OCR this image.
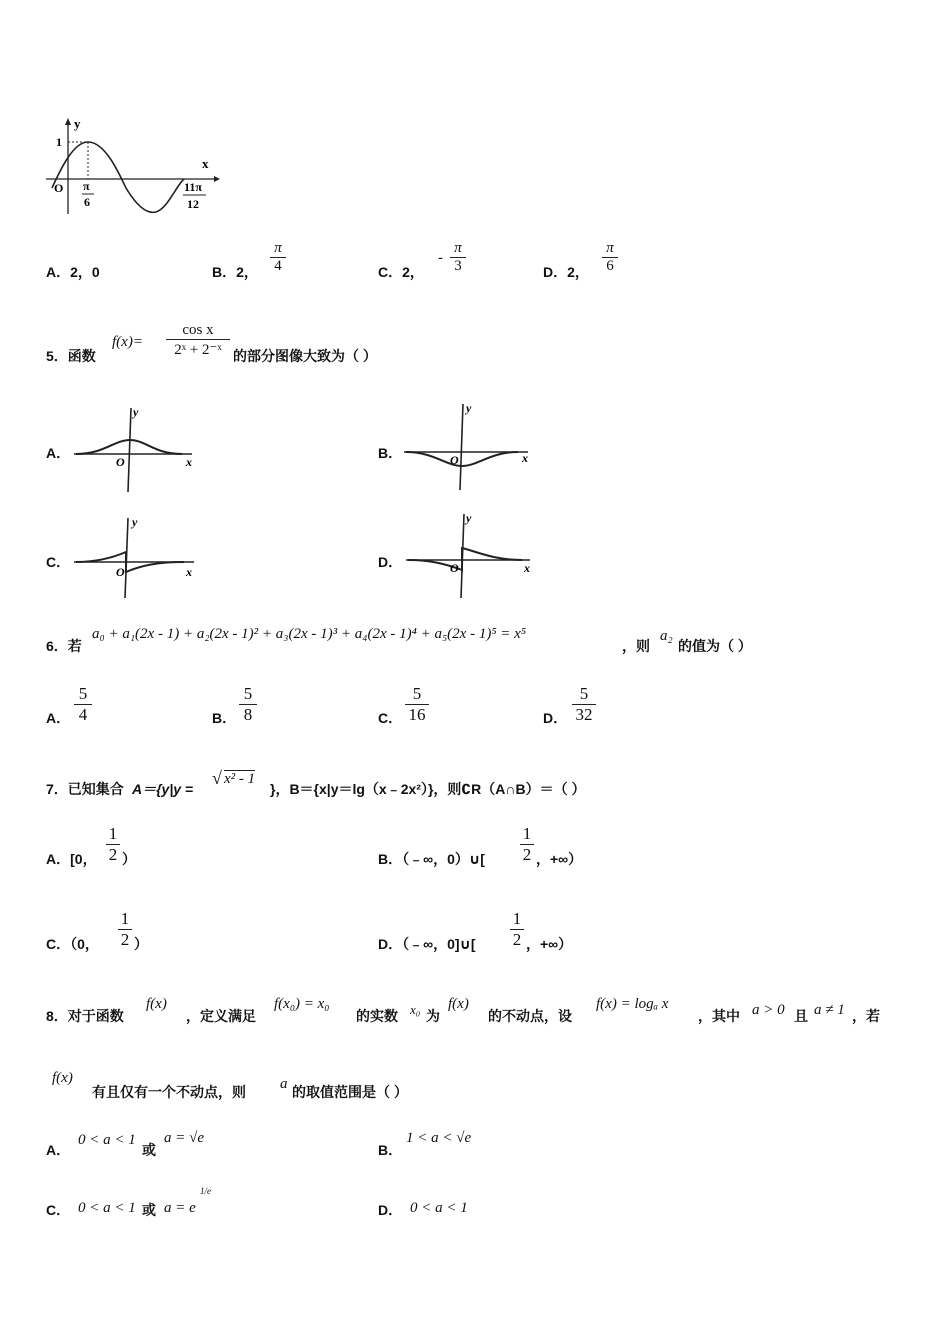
y
x
1
O π
6
11π
12
A．2，0	B．2， $\frac{\pi}{4}$	C．2，
- $\frac{\pi}{3}$	D．2， $\frac{\pi}{6}$
5．函数
$f(x)= \frac{\text{cos x}}{\text{2ˣ + 2⁻ˣ}}$ 的部分图像大致为（ ）
A．
y
x
O
B．
y
x
O
C．
y
x
O
D．
y
x
O
6．若
a₀ + a₁(2x - 1) + a₂(2x - 1)² + a₃(2x - 1)³ + a₄(2x - 1)⁴ + a₅(2x - 1)⁵ = x⁵
，则
a₂
的值为（ ）
A． $\frac{5}{4}$	B． $\frac{5}{8}$	C． $\frac{5}{16}$	D． $\frac{5}{32}$
7．已知集合 A＝{y|y =
√ x² - 1
}，B＝{x|y＝lg（x﹣2x²）}，则∁R（A∩B）＝（ ）
A．[0， $\frac{1}{2}$ ）	B．（﹣∞，0）∪[ $\frac{1}{2}$ ，+∞）
C．（0， $\frac{1}{2}$ ）	D．（﹣∞，0]∪[ $\frac{1}{2}$ ，+∞）
8．对于函数
f(x)
，定义满足
f(x₀) = x₀
的实数 x₀ 为
f(x)
的不动点，设
f(x) = logₐ x
，其中 a > 0 且 a ≠ 1 ，若
f(x)
有且仅有一个不动点，则 a 的取值范围是（ ）
A．
0 < a < 1
或
a = √e
B．
1 < a < √e
C． 0 < a < 1 或 a = e
1/e
D． 0 < a < 1
